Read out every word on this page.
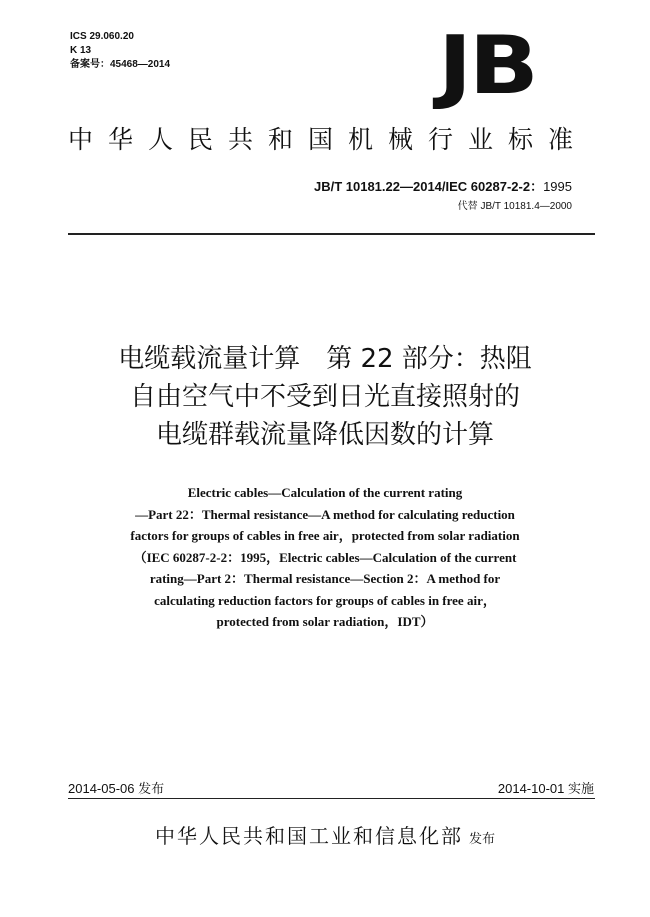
ICS 29.060.20
K 13
备案号：45468—2014	JB
中华人民共和国机械行业标准
JB/T 10181.22—2014/IEC 60287-2-2：1995
代替 JB/T 10181.4—2000
电缆载流量计算　第 22 部分：热阻
自由空气中不受到日光直接照射的
电缆群载流量降低因数的计算
Electric cables—Calculation of the current rating
—Part 22：Thermal resistance—A method for calculating reduction
factors for groups of cables in free air，protected from solar radiation
（IEC 60287-2-2：1995，Electric cables—Calculation of the current
rating—Part 2：Thermal resistance—Section 2：A method for
calculating reduction factors for groups of cables in free air，
protected from solar radiation，IDT）
2014-05-06 发布	2014-10-01 实施
中华人民共和国工业和信息化部 发布
